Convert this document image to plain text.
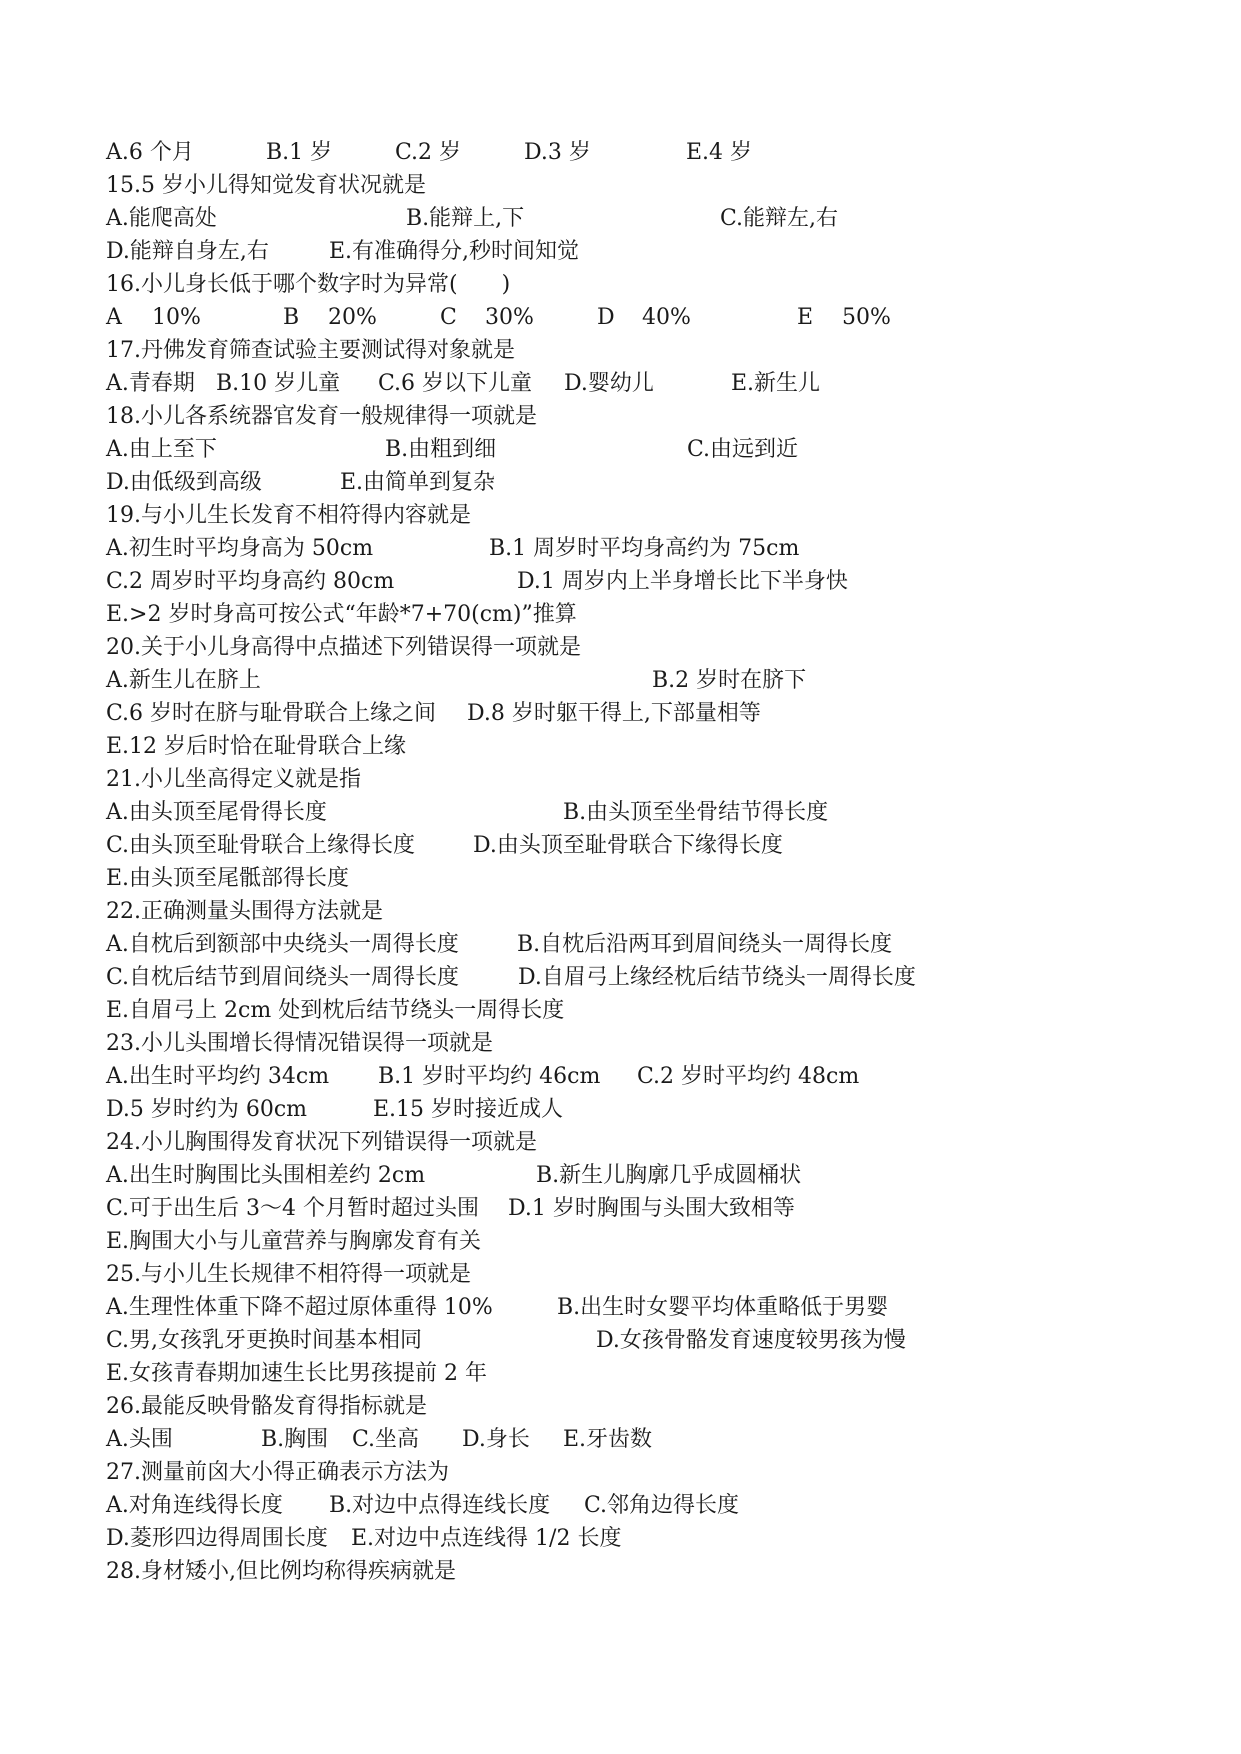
A.6 个月	B.1 岁	C.2 岁	D.3 岁	E.4 岁
15.5 岁小儿得知觉发育状况就是
A.能爬高处	B.能辩上,下	C.能辩左,右
D.能辩自身左,右	E.有准确得分,秒时间知觉
16.小儿身长低于哪个数字时为异常(　　)
A 10%	B 20%	C 30%	D 40%	E 50%
17.丹佛发育筛查试验主要测试得对象就是
A.青春期 B.10 岁儿童 C.6 岁以下儿童 D.婴幼儿	E.新生儿
18.小儿各系统器官发育一般规律得一项就是
A.由上至下	B.由粗到细	C.由远到近
D.由低级到高级	E.由简单到复杂
19.与小儿生长发育不相符得内容就是
A.初生时平均身高为 50cm	B.1 周岁时平均身高约为 75cm
C.2 周岁时平均身高约 80cm	D.1 周岁内上半身增长比下半身快
E.>2 岁时身高可按公式“年龄*7+70(cm)”推算
20.关于小儿身高得中点描述下列错误得一项就是
A.新生儿在脐上	B.2 岁时在脐下
C.6 岁时在脐与耻骨联合上缘之间 D.8 岁时躯干得上,下部量相等
E.12 岁后时恰在耻骨联合上缘
21.小儿坐高得定义就是指
A.由头顶至尾骨得长度	B.由头顶至坐骨结节得长度
C.由头顶至耻骨联合上缘得长度	D.由头顶至耻骨联合下缘得长度
E.由头顶至尾骶部得长度
22.正确测量头围得方法就是
A.自枕后到额部中央绕头一周得长度	B.自枕后沿两耳到眉间绕头一周得长度
C.自枕后结节到眉间绕头一周得长度	D.自眉弓上缘经枕后结节绕头一周得长度
E.自眉弓上 2cm 处到枕后结节绕头一周得长度
23.小儿头围增长得情况错误得一项就是
A.出生时平均约 34cm B.1 岁时平均约 46cm C.2 岁时平均约 48cm
D.5 岁时约为 60cm	E.15 岁时接近成人
24.小儿胸围得发育状况下列错误得一项就是
A.出生时胸围比头围相差约 2cm	B.新生儿胸廓几乎成圆桶状
C.可于出生后 3～4 个月暂时超过头围 D.1 岁时胸围与头围大致相等
E.胸围大小与儿童营养与胸廓发育有关
25.与小儿生长规律不相符得一项就是
A.生理性体重下降不超过原体重得 10%	B.出生时女婴平均体重略低于男婴
C.男,女孩乳牙更换时间基本相同	D.女孩骨骼发育速度较男孩为慢
E.女孩青春期加速生长比男孩提前 2 年
26.最能反映骨骼发育得指标就是
A.头围	B.胸围 C.坐高 D.身长 E.牙齿数
27.测量前囟大小得正确表示方法为
A.对角连线得长度 B.对边中点得连线长度 C.邻角边得长度
D.菱形四边得周围长度 E.对边中点连线得 1/2 长度
28.身材矮小,但比例均称得疾病就是
